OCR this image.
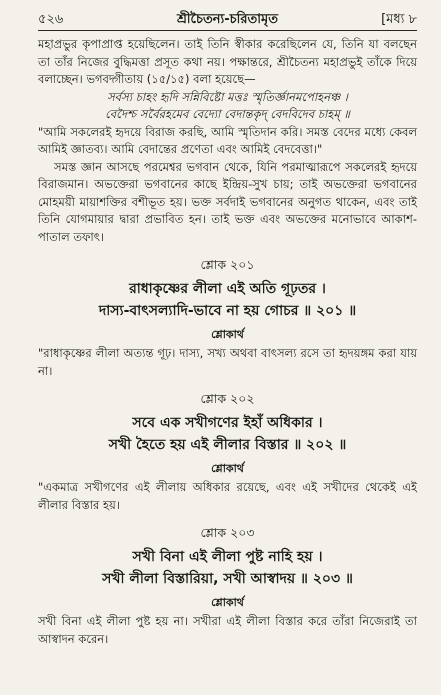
৫২৬	শ্রীচৈতন্য-চরিতামৃত	[মধ্য ৮

মহাপ্রভুর কৃপাপ্রাপ্ত হয়েছিলেন। তাই তিনি স্বীকার করেছিলেন যে, তিনি যা বলছেন তা তাঁর নিজের বুদ্ধিমত্তা প্রসূত কথা নয়। পক্ষান্তরে, শ্রীচৈতন্য মহাপ্রভুই তাঁকে দিয়ে বলাচ্ছেন। ভগবদ্গীতায় (১৫/১৫) বলা হয়েছে—

সর্বস্য চাহং হৃদি সন্নিবিষ্টো মত্তঃ স্মৃতির্জ্ঞানমপোহনঞ্চ ।

বেদৈশ্চ সর্বৈরহমেব বেদ্যো বেদান্তকৃদ্ বেদবিদেব চাহম্ ॥

"আমি সকলেরই হৃদয়ে বিরাজ করছি, আমি স্মৃতিদান করি। সমস্ত বেদের মধ্যে কেবল আমিই জ্ঞাতব্য। আমি বেদান্তের প্রণেতা এবং আমিই বেদবেত্তা।"

সমস্ত জ্ঞান আসছে পরমেশ্বর ভগবান থেকে, যিনি পরমাত্মারূপে সকলেরই হৃদয়ে বিরাজমান। অভক্তেরা ভগবানের কাছে ইন্দ্রিয়-সুখ চায়; তাই অভক্তেরা ভগবানের মোহময়ী মায়াশক্তির বশীভূত হয়। ভক্ত সর্বদাই ভগবানের অনুগত থাকেন, এবং তাই তিনি যোগমায়ার দ্বারা প্রভাবিত হন। তাই ভক্ত এবং অভক্তের মনোভাবে আকাশ-পাতাল তফাৎ।

শ্লোক ২০১

রাধাকৃষ্ণের লীলা এই অতি গূঢ়তর ।

দাস্য-বাৎসল্যাদি-ভাবে না হয় গোচর ॥ ২০১ ॥

শ্লোকার্থ

"রাধাকৃষ্ণের লীলা অত্যন্ত গূঢ়। দাস্য, সখ্য অথবা বাৎসল্য রসে তা হৃদয়ঙ্গম করা যায় না।

শ্লোক ২০২

সবে এক সখীগণের ইহাঁ অধিকার ।

সখী হৈতে হয় এই লীলার বিস্তার ॥ ২০২ ॥

শ্লোকার্থ

"একমাত্র সখীগণের এই লীলায় অধিকার রয়েছে, এবং এই সখীদের থেকেই এই লীলার বিস্তার হয়।

শ্লোক ২০৩

সখী বিনা এই লীলা পুষ্ট নাহি হয় ।

সখী লীলা বিস্তারিয়া, সখী আস্বাদয় ॥ ২০৩ ॥

শ্লোকার্থ

সখী বিনা এই লীলা পুষ্ট হয় না। সখীরা এই লীলা বিস্তার করে তাঁরা নিজেরাই তা আস্বাদন করেন।
